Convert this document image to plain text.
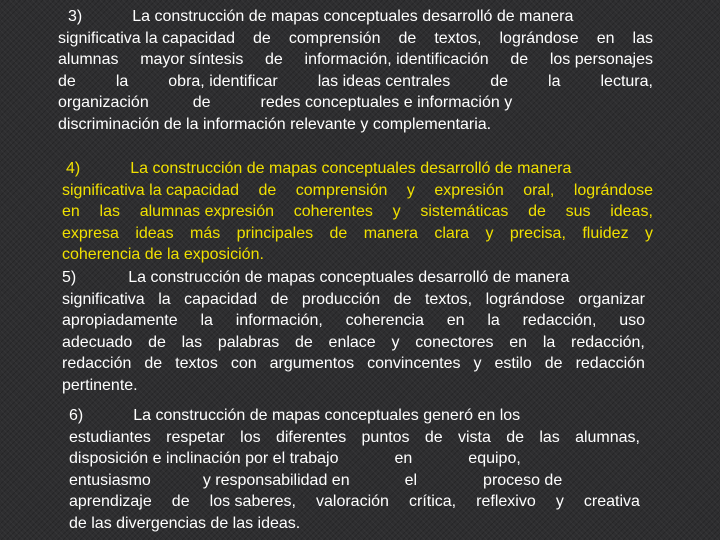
3)	La construcción de mapas conceptuales desarrolló de manera
significativa la capacidad de comprensión de textos, lográndose en las
alumnas mayor síntesis de información, identificación de los personajes
de	la	obra, identificar	las ideas centrales	de	la	lectura,
organización	de	redes conceptuales e información y
discriminación de la información relevante y complementaria.
4)	La construcción de mapas conceptuales desarrolló de manera
significativa la capacidad de comprensión y expresión oral, lográndose
en las alumnas expresión coherentes y sistemáticas de sus ideas,
expresa ideas más principales de manera clara y precisa, fluidez y
coherencia de la exposición.
5)	La construcción de mapas conceptuales desarrolló de manera
significativa la capacidad de producción de textos, lográndose organizar
apropiadamente la información, coherencia en la redacción, uso
adecuado de las palabras de enlace y conectores en la redacción,
redacción de textos con argumentos convincentes y estilo de redacción
pertinente.
6)	La construcción de mapas conceptuales generó en los
estudiantes respetar los diferentes puntos de vista de las alumnas,
disposición e inclinación por el trabajo	en	equipo,
entusiasmo	y responsabilidad en	el	proceso de
aprendizaje de los saberes, valoración crítica, reflexivo y creativa
de las divergencias de las ideas.
